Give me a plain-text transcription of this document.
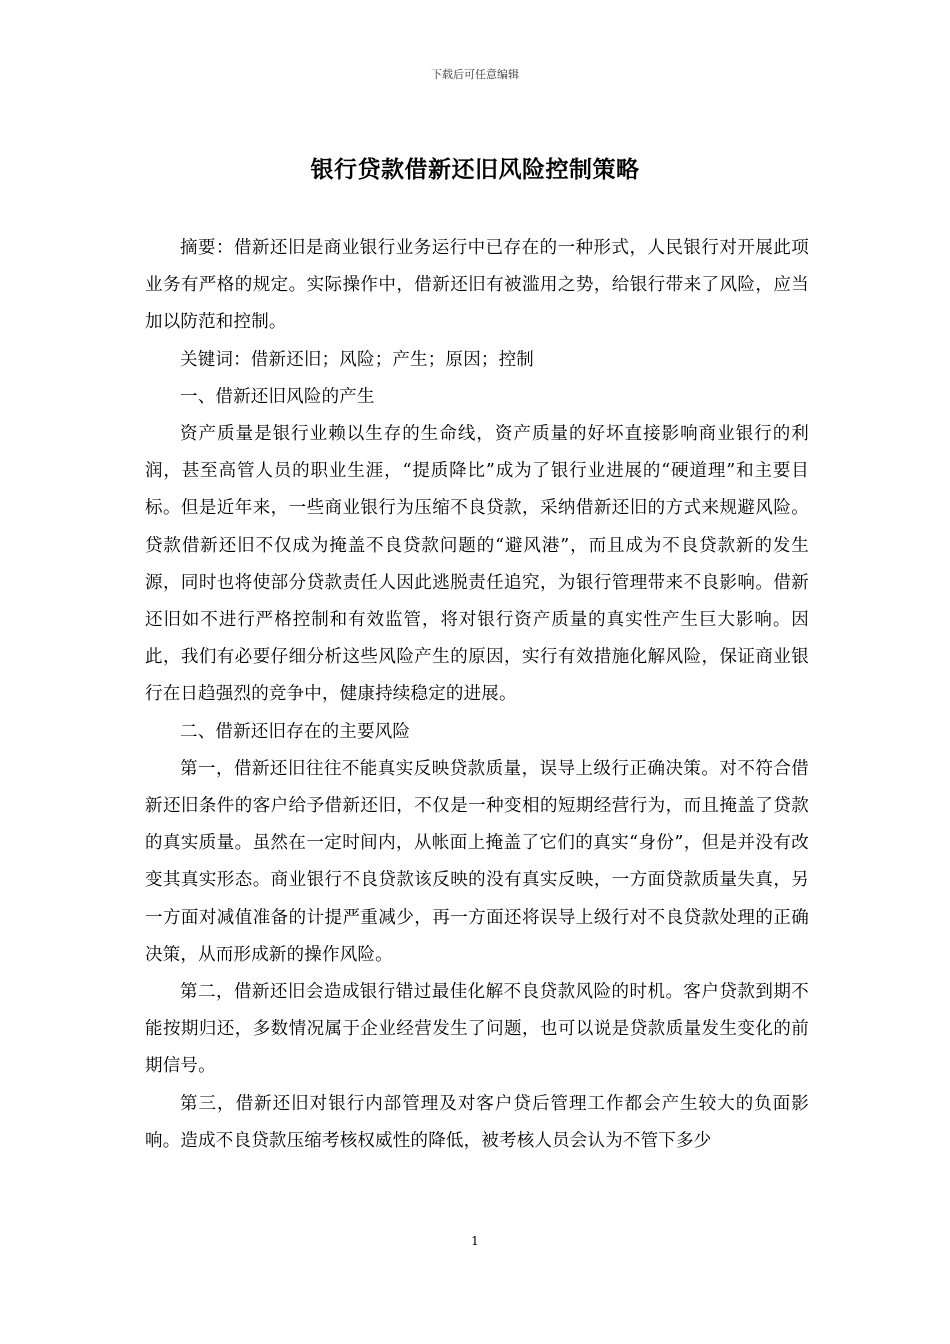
下载后可任意编辑
银行贷款借新还旧风险控制策略

摘要：借新还旧是商业银行业务运行中已存在的一种形式，人民银行对开展此项业务有严格的规定。实际操作中，借新还旧有被滥用之势，给银行带来了风险，应当加以防范和控制。

关键词：借新还旧；风险；产生；原因；控制

一、借新还旧风险的产生

资产质量是银行业赖以生存的生命线，资产质量的好坏直接影响商业银行的利润，甚至高管人员的职业生涯，“提质降比”成为了银行业进展的“硬道理”和主要目标。但是近年来，一些商业银行为压缩不良贷款，采纳借新还旧的方式来规避风险。贷款借新还旧不仅成为掩盖不良贷款问题的“避风港”，而且成为不良贷款新的发生源，同时也将使部分贷款责任人因此逃脱责任追究，为银行管理带来不良影响。借新还旧如不进行严格控制和有效监管，将对银行资产质量的真实性产生巨大影响。因此，我们有必要仔细分析这些风险产生的原因，实行有效措施化解风险，保证商业银行在日趋强烈的竞争中，健康持续稳定的进展。

二、借新还旧存在的主要风险

第一，借新还旧往往不能真实反映贷款质量，误导上级行正确决策。对不符合借新还旧条件的客户给予借新还旧，不仅是一种变相的短期经营行为，而且掩盖了贷款的真实质量。虽然在一定时间内，从帐面上掩盖了它们的真实“身份”，但是并没有改变其真实形态。商业银行不良贷款该反映的没有真实反映，一方面贷款质量失真，另一方面对减值准备的计提严重减少，再一方面还将误导上级行对不良贷款处理的正确决策，从而形成新的操作风险。

第二，借新还旧会造成银行错过最佳化解不良贷款风险的时机。客户贷款到期不能按期归还，多数情况属于企业经营发生了问题，也可以说是贷款质量发生变化的前期信号。

第三，借新还旧对银行内部管理及对客户贷后管理工作都会产生较大的负面影响。造成不良贷款压缩考核权威性的降低，被考核人员会认为不管下多少

1
